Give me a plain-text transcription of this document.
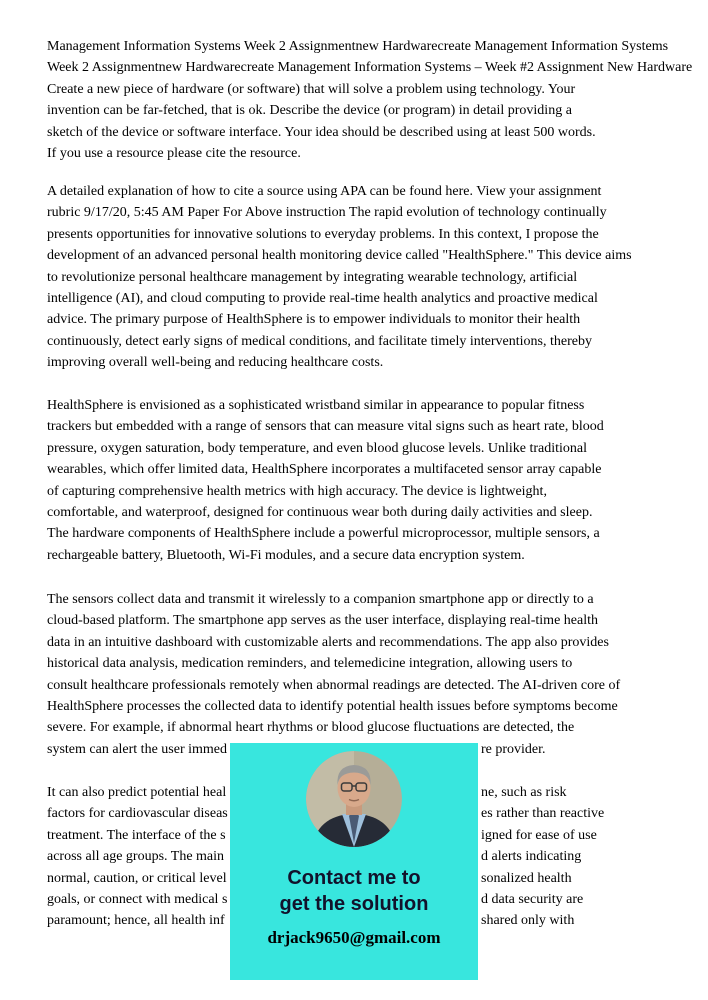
Management Information Systems Week 2 Assignmentnew Hardwarecreate Management Information Systems
Week 2 Assignmentnew Hardwarecreate Management Information Systems – Week #2 Assignment New Hardware
Create a new piece of hardware (or software) that will solve a problem using technology. Your
invention can be far-fetched, that is ok. Describe the device (or program) in detail providing a
sketch of the device or software interface. Your idea should be described using at least 500 words.
If you use a resource please cite the resource.
A detailed explanation of how to cite a source using APA can be found here. View your assignment
rubric 9/17/20, 5:45 AM Paper For Above instruction The rapid evolution of technology continually
presents opportunities for innovative solutions to everyday problems. In this context, I propose the
development of an advanced personal health monitoring device called "HealthSphere." This device aims
to revolutionize personal healthcare management by integrating wearable technology, artificial
intelligence (AI), and cloud computing to provide real-time health analytics and proactive medical
advice. The primary purpose of HealthSphere is to empower individuals to monitor their health
continuously, detect early signs of medical conditions, and facilitate timely interventions, thereby
improving overall well-being and reducing healthcare costs.
HealthSphere is envisioned as a sophisticated wristband similar in appearance to popular fitness
trackers but embedded with a range of sensors that can measure vital signs such as heart rate, blood
pressure, oxygen saturation, body temperature, and even blood glucose levels. Unlike traditional
wearables, which offer limited data, HealthSphere incorporates a multifaceted sensor array capable
of capturing comprehensive health metrics with high accuracy. The device is lightweight,
comfortable, and waterproof, designed for continuous wear both during daily activities and sleep.
The hardware components of HealthSphere include a powerful microprocessor, multiple sensors, a
rechargeable battery, Bluetooth, Wi-Fi modules, and a secure data encryption system.
The sensors collect data and transmit it wirelessly to a companion smartphone app or directly to a
cloud-based platform. The smartphone app serves as the user interface, displaying real-time health
data in an intuitive dashboard with customizable alerts and recommendations. The app also provides
historical data analysis, medication reminders, and telemedicine integration, allowing users to
consult healthcare professionals remotely when abnormal readings are detected. The AI-driven core of
HealthSphere processes the collected data to identify potential health issues before symptoms become
severe. For example, if abnormal heart rhythms or blood glucose fluctuations are detected, the
system can alert the user immed	re provider.
It can also predict potential heal	ne, such as risk
factors for cardiovascular diseas	es rather than reactive
treatment. The interface of the s	igned for ease of use
across all age groups. The main	d alerts indicating
normal, caution, or critical level	sonalized health
goals, or connect with medical s	d data security are
paramount; hence, all health inf	shared only with
Contact me to
get the solution
drjack9650@gmail.com
